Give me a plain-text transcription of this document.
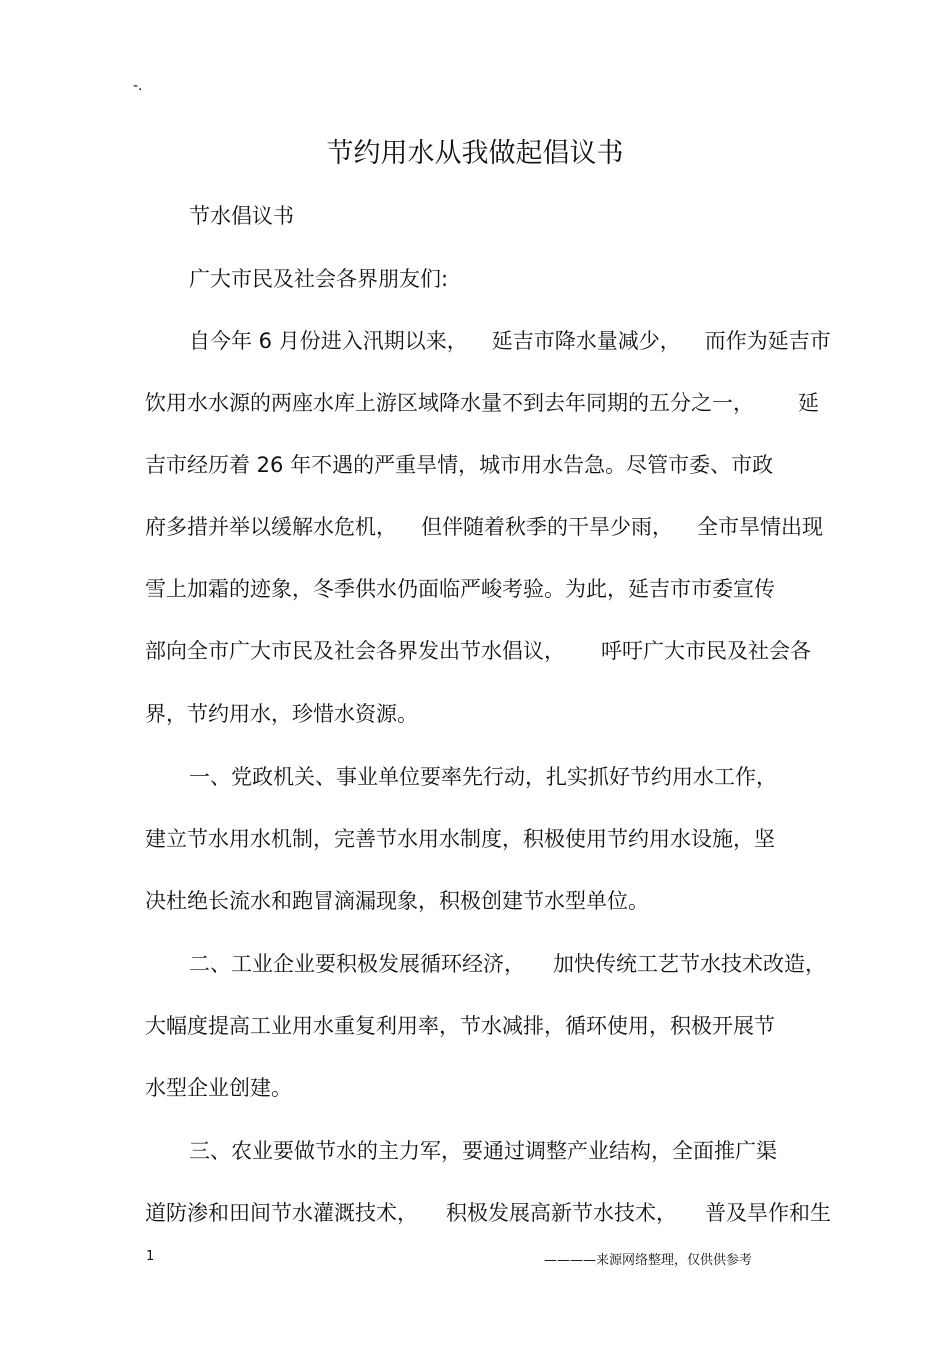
-.
节约用水从我做起倡议书
节水倡议书
广大市民及社会各界朋友们:
自今年 6 月份进入汛期以来， 延吉市降水量减少， 而作为延吉市
饮用水水源的两座水库上游区域降水量不到去年同期的五分之一， 延
吉市经历着 26 年不遇的严重旱情，城市用水告急。尽管市委、市政
府多措并举以缓解水危机， 但伴随着秋季的干旱少雨， 全市旱情出现
雪上加霜的迹象，冬季供水仍面临严峻考验。为此，延吉市市委宣传
部向全市广大市民及社会各界发出节水倡议， 呼吁广大市民及社会各
界，节约用水，珍惜水资源。
一、党政机关、事业单位要率先行动，扎实抓好节约用水工作，
建立节水用水机制，完善节水用水制度，积极使用节约用水设施，坚
决杜绝长流水和跑冒滴漏现象，积极创建节水型单位。
二、工业企业要积极发展循环经济， 加快传统工艺节水技术改造，
大幅度提高工业用水重复利用率，节水减排，循环使用，积极开展节
水型企业创建。
三、农业要做节水的主力军，要通过调整产业结构，全面推广渠
道防渗和田间节水灌溉技术， 积极发展高新节水技术， 普及旱作和生
1	————来源网络整理，仅供供参考
